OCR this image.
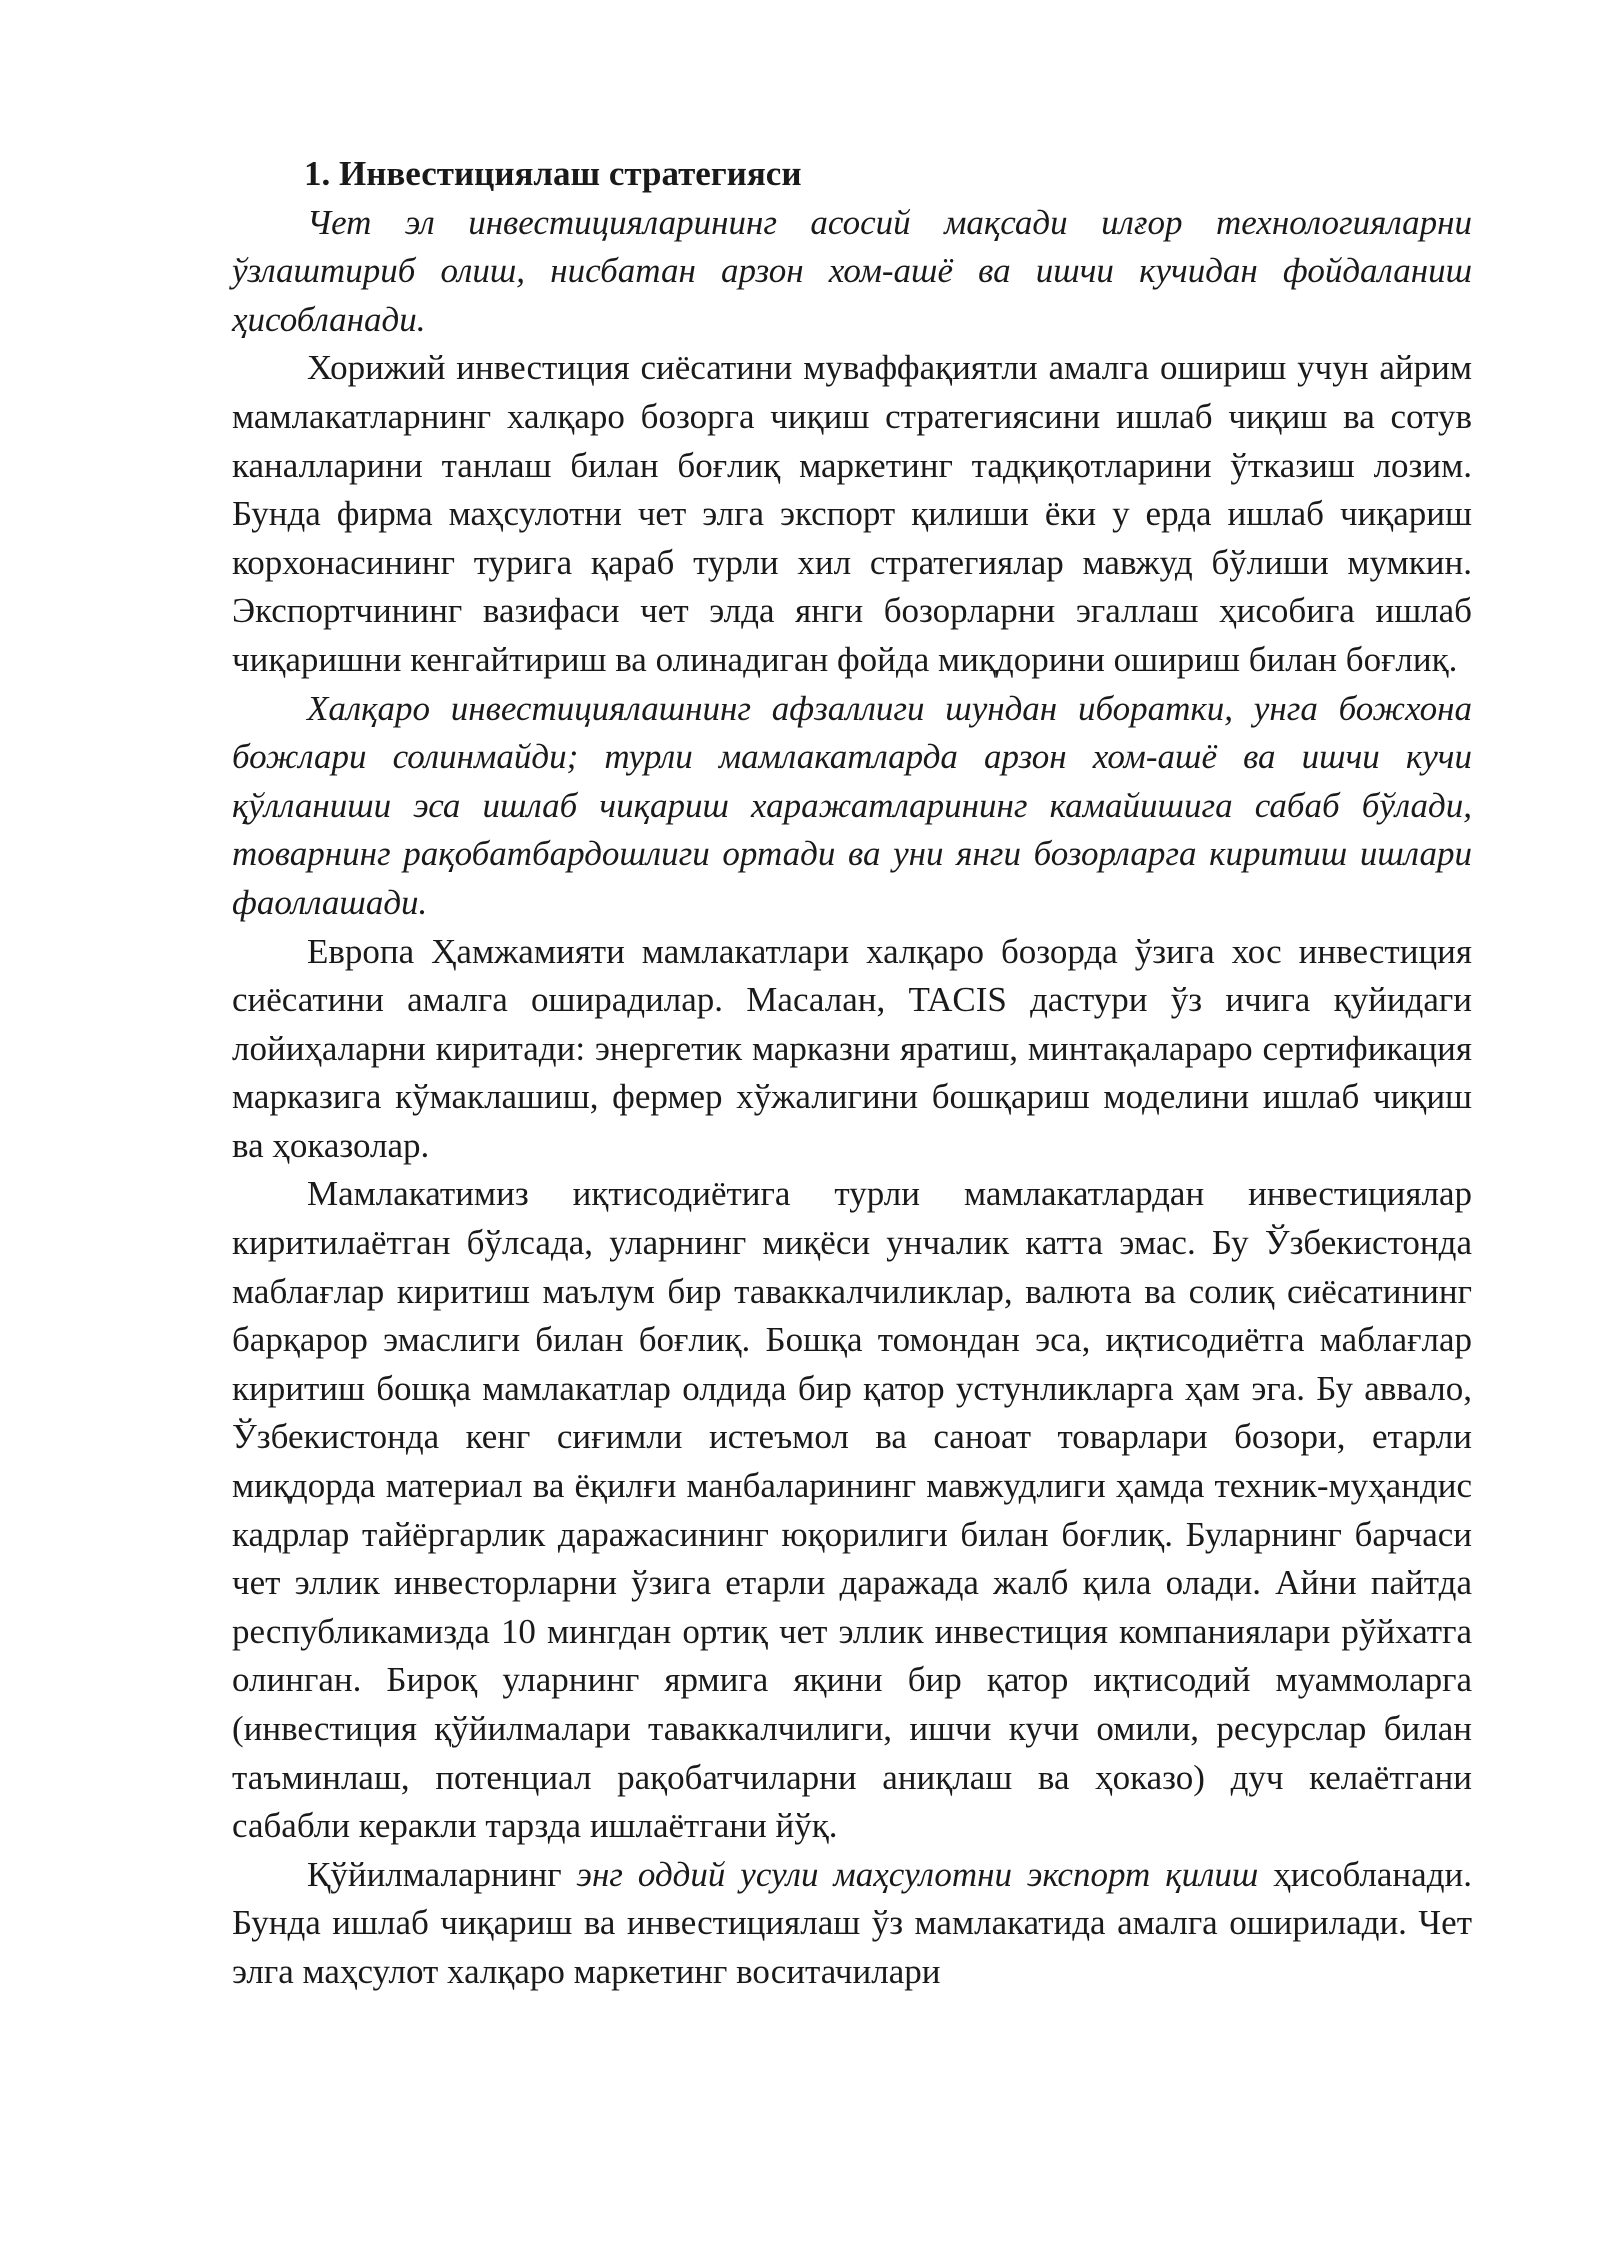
1. Инвестициялаш стратегияси

Чет эл инвестицияларининг асосий мақсади илғор технологияларни ўзлаштириб олиш, нисбатан арзон хом-ашё ва ишчи кучидан фойдаланиш ҳисобланади.

Хорижий инвестиция сиёсатини муваффақиятли амалга ошириш учун айрим мамлакатларнинг халқаро бозорга чиқиш стратегиясини ишлаб чиқиш ва сотув каналларини танлаш билан боғлиқ маркетинг тадқиқотларини ўтказиш лозим. Бунда фирма маҳсулотни чет элга экспорт қилиши ёки у ерда ишлаб чиқариш корхонасининг турига қараб турли хил стратегиялар мавжуд бўлиши мумкин. Экспортчининг вазифаси чет элда янги бозорларни эгаллаш ҳисобига ишлаб чиқаришни кенгайтириш ва олинадиган фойда миқдорини ошириш билан боғлиқ.

Халқаро инвестициялашнинг афзаллиги шундан иборатки, унга божхона божлари солинмайди; турли мамлакатларда арзон хом-ашё ва ишчи кучи қўлланиши эса ишлаб чиқариш харажатларининг камайишига сабаб бўлади, товарнинг рақобатбардошлиги ортади ва уни янги бозорларга киритиш ишлари фаоллашади.

Европа Ҳамжамияти мамлакатлари халқаро бозорда ўзига хос инвестиция сиёсатини амалга оширадилар. Масалан, TACIS дастури ўз ичига қуйидаги лойиҳаларни киритади: энергетик марказни яратиш, минтақалараро сертификация марказига кўмаклашиш, фермер хўжалигини бошқариш моделини ишлаб чиқиш ва ҳоказолар.

Мамлакатимиз иқтисодиётига турли мамлакатлардан инвестициялар киритилаётган бўлсада, уларнинг миқёси унчалик катта эмас. Бу Ўзбекистонда маблағлар киритиш маълум бир таваккалчиликлар, валюта ва солиқ сиёсатининг барқарор эмаслиги билан боғлиқ. Бошқа томондан эса, иқтисодиётга маблағлар киритиш бошқа мамлакатлар олдида бир қатор устунликларга ҳам эга. Бу аввало, Ўзбекистонда кенг сиғимли истеъмол ва саноат товарлари бозори, етарли миқдорда материал ва ёқилғи манбаларининг мавжудлиги ҳамда техник-муҳандис кадрлар тайёргарлик даражасининг юқорилиги билан боғлиқ. Буларнинг барчаси чет эллик инвесторларни ўзига етарли даражада жалб қила олади. Айни пайтда республикамизда 10 мингдан ортиқ чет эллик инвестиция компаниялари рўйхатга олинган. Бироқ уларнинг ярмига яқини бир қатор иқтисодий муаммоларга (инвестиция қўйилмалари таваккалчилиги, ишчи кучи омили, ресурслар билан таъминлаш, потенциал рақобатчиларни аниқлаш ва ҳоказо) дуч келаётгани сабабли керакли тарзда ишлаётгани йўқ.

Қўйилмаларнинг энг оддий усули маҳсулотни экспорт қилиш ҳисобланади. Бунда ишлаб чиқариш ва инвестициялаш ўз мамлакатида амалга оширилади. Чет элга маҳсулот халқаро маркетинг воситачилари
